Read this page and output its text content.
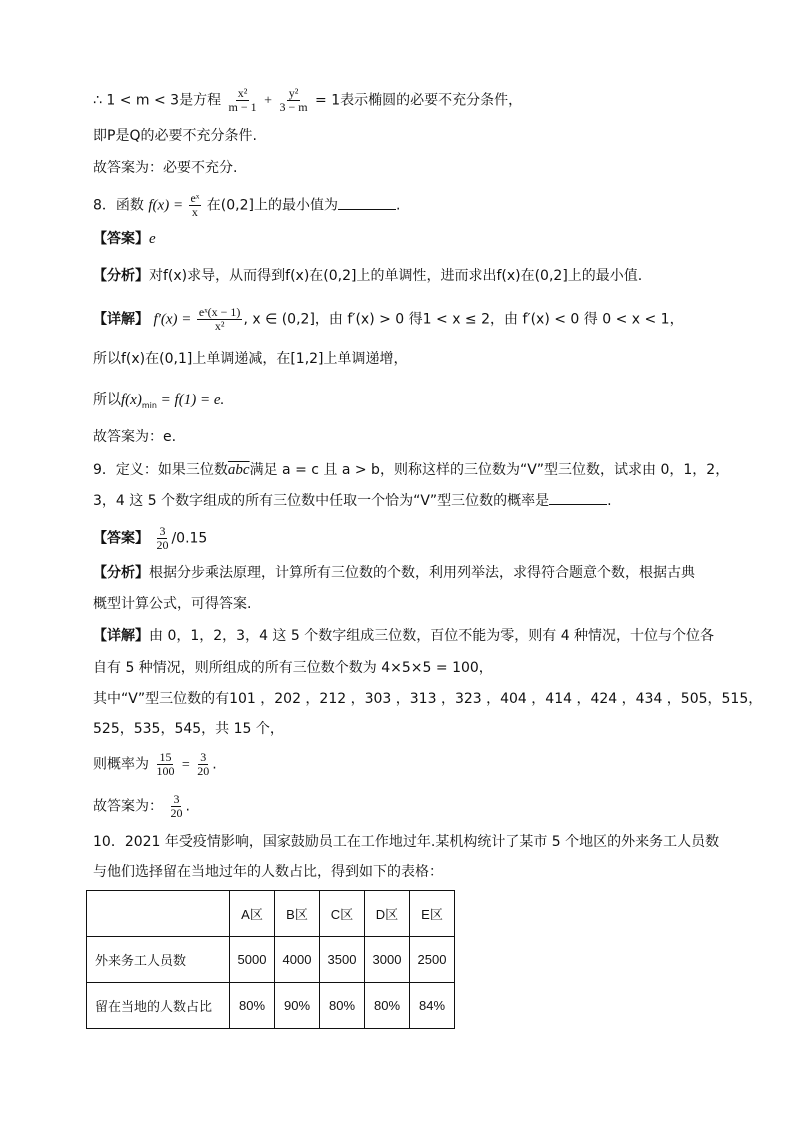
∴ 1 < m < 3是方程 $\frac{\text{x²}}{m - 1} + \frac{\text{y²}}{3 - m} = 1$表示椭圆的必要不充分条件，
即P是Q的必要不充分条件.
故答案为：必要不充分.
8．函数 $f(x) = \frac{\text{eˣ}}{x}$ 在(0,2]上的最小值为	.
【答案】e
【分析】对f(x)求导，从而得到f(x)在(0,2]上的单调性，进而求出f(x)在(0,2]上的最小值.
【详解】 $f'(x) = \frac{\text{eˣ(x − 1)}}{\text{x²}}$ , x ∈ (0,2]，由 f′(x) > 0 得1 < x ≤ 2，由 f′(x) < 0 得 0 < x < 1，
所以f(x)在(0,1]上单调递减，在[1,2]上单调递增，
所以$f(x)_{min} = f(1) = e$.
故答案为：e.
9．定义：如果三位数$\overline{abc}$满足 a = c 且 a > b，则称这样的三位数为“V”型三位数，试求由 0，1，2，
3，4 这 5 个数字组成的所有三位数中任取一个恰为“V”型三位数的概率是	.
【答案】 $\frac{3}{20} /0.15$
【分析】根据分步乘法原理，计算所有三位数的个数，利用列举法，求得符合题意个数，根据古典
概型计算公式，可得答案.
【详解】由 0，1，2，3，4 这 5 个数字组成三位数，百位不能为零，则有 4 种情况，十位与个位各
自有 5 种情况，则所组成的所有三位数个数为 4×5×5 = 100，
其中“V”型三位数的有101 ，202 ，212 ，303 ，313 ，323 ，404 ，414 ，424 ，434 ，505，515，
525，535，545，共 15 个，
则概率为 $\frac{15}{100} = \frac{3}{20}$ .
故答案为： $\frac{3}{20}$ .
10．2021 年受疫情影响，国家鼓励员工在工作地过年.某机构统计了某市 5 个地区的外来务工人员数
与他们选择留在当地过年的人数占比，得到如下的表格：
	A区	B区	C区	D区	E区
外来务工人员数	5000	4000	3500	3000	2500
留在当地的人数占比	80%	90%	80%	80%	84%
